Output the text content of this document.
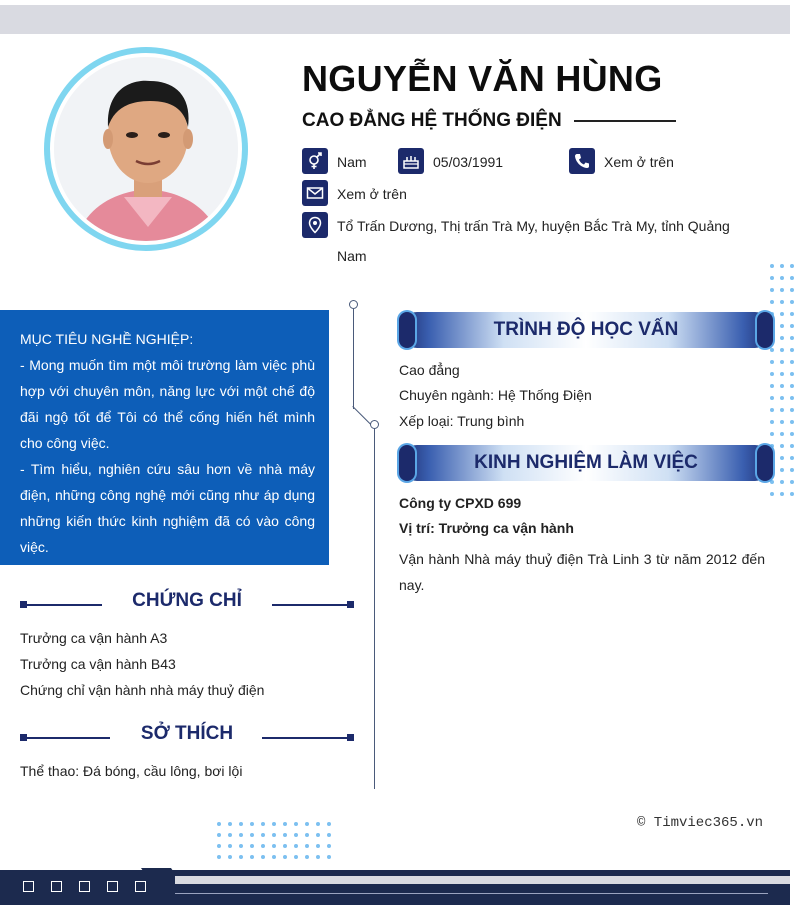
NGUYỄN VĂN HÙNG
CAO ĐẲNG HỆ THỐNG ĐIỆN
Nam	05/03/1991	Xem ở trên
Xem ở trên
Tổ Trấn Dương, Thị trấn Trà My, huyện Bắc Trà My, tỉnh Quảng
Nam
MỤC TIÊU NGHỀ NGHIỆP:
- Mong muốn tìm một môi trường làm việc phù hợp với chuyên môn, năng lực với một chế độ đãi ngộ tốt để Tôi có thể cống hiến hết mình cho công việc.
- Tìm hiểu, nghiên cứu sâu hơn về nhà máy điện, những công nghệ mới cũng như áp dụng những kiến thức kinh nghiệm đã có vào công việc.
TRÌNH ĐỘ HỌC VẤN
Cao đẳng
Chuyên ngành: Hệ Thống Điện
Xếp loại: Trung bình
KINH NGHIỆM LÀM VIỆC
Công ty CPXD 699
Vị trí: Trưởng ca vận hành
Vận hành Nhà máy thuỷ điện Trà Linh 3 từ năm 2012 đến nay.
CHỨNG CHỈ
Trưởng ca vận hành A3
Trưởng ca vận hành B43
Chứng chỉ vận hành nhà máy thuỷ điện
SỞ THÍCH
Thể thao: Đá bóng, cầu lông, bơi lội
© Timviec365.vn
